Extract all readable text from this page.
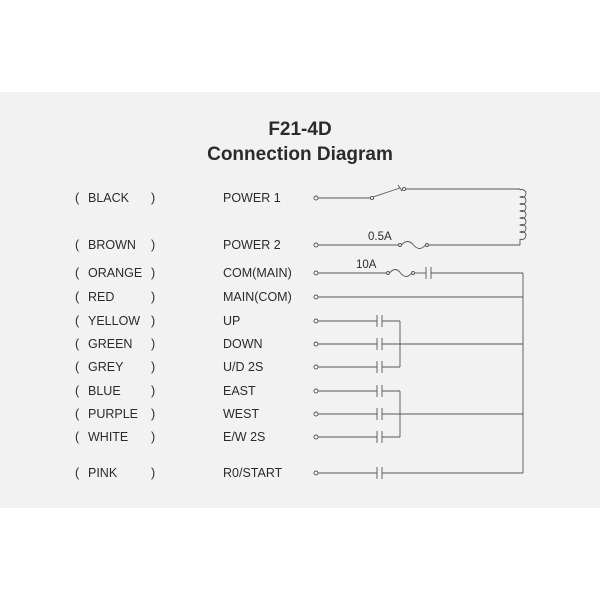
F21-4D
Connection Diagram
( BLACK )	POWER 1
( BROWN )	POWER 2
( ORANGE )	COM(MAIN)
( RED	)	MAIN(COM)
( YELLOW )	UP
( GREEN )	DOWN
( GREY )	U/D 2S
( BLUE )	EAST
( PURPLE )	WEST
( WHITE )	E/W 2S
( PINK	)	R0/START
0.5A
10A
